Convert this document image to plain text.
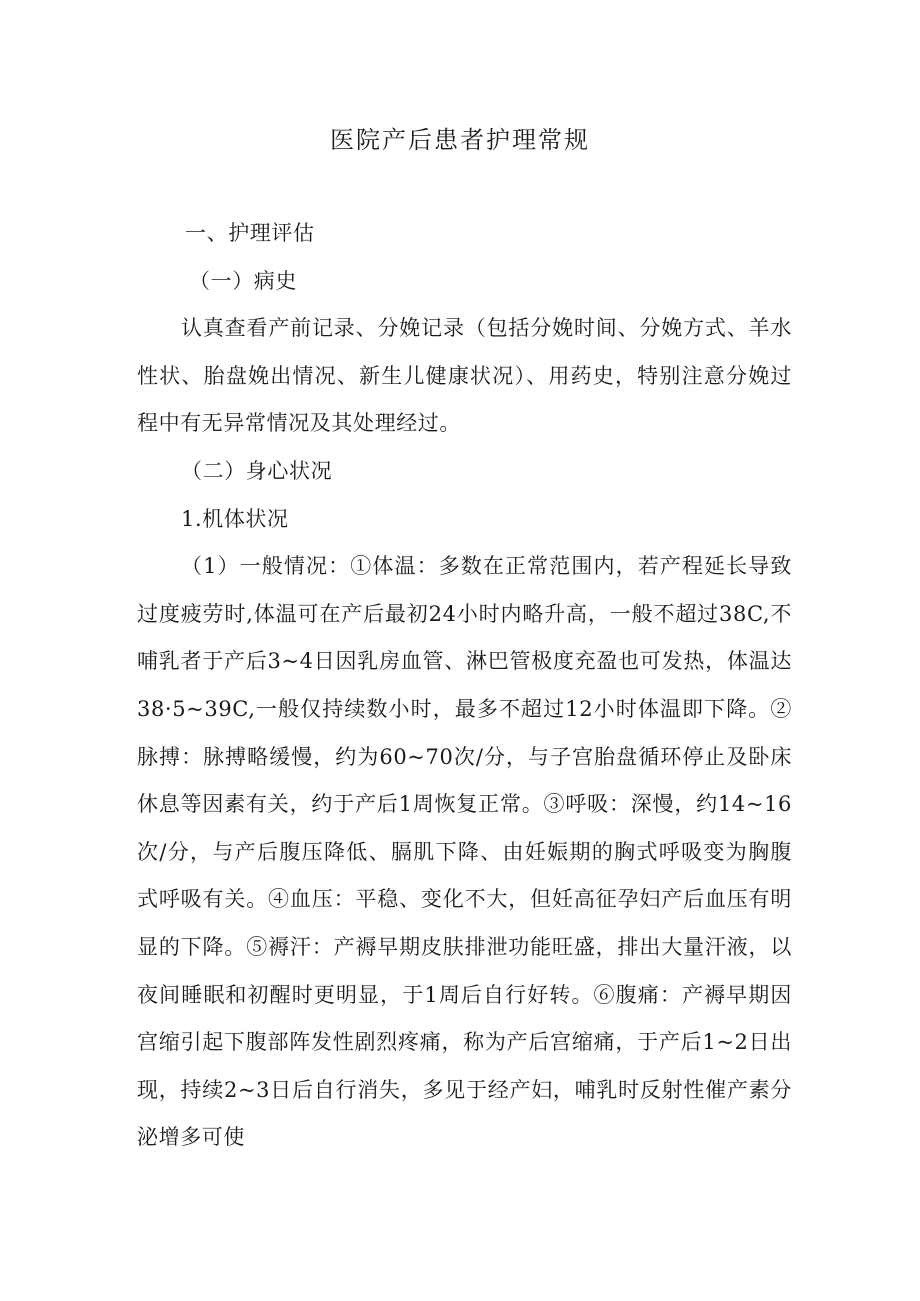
医院产后患者护理常规

一、护理评估

（一）病史

认真查看产前记录、分娩记录（包括分娩时间、分娩方式、羊水性状、胎盘娩出情况、新生儿健康状况）、用药史，特别注意分娩过程中有无异常情况及其处理经过。

（二）身心状况

1.机体状况

（1）一般情况：①体温：多数在正常范围内，若产程延长导致过度疲劳时,体温可在产后最初24小时内略升高，一般不超过38C,不哺乳者于产后3~4日因乳房血管、淋巴管极度充盈也可发热，体温达38·5~39C,一般仅持续数小时，最多不超过12小时体温即下降。②脉搏：脉搏略缓慢，约为60~70次/分，与子宫胎盘循环停止及卧床休息等因素有关，约于产后1周恢复正常。③呼吸：深慢，约14~16次/分，与产后腹压降低、膈肌下降、由妊娠期的胸式呼吸变为胸腹式呼吸有关。④血压：平稳、变化不大，但妊高征孕妇产后血压有明显的下降。⑤褥汗：产褥早期皮肤排泄功能旺盛，排出大量汗液，以夜间睡眠和初醒时更明显，于1周后自行好转。⑥腹痛：产褥早期因宫缩引起下腹部阵发性剧烈疼痛，称为产后宫缩痛，于产后1~2日出现，持续2~3日后自行消失，多见于经产妇，哺乳时反射性催产素分泌增多可使
